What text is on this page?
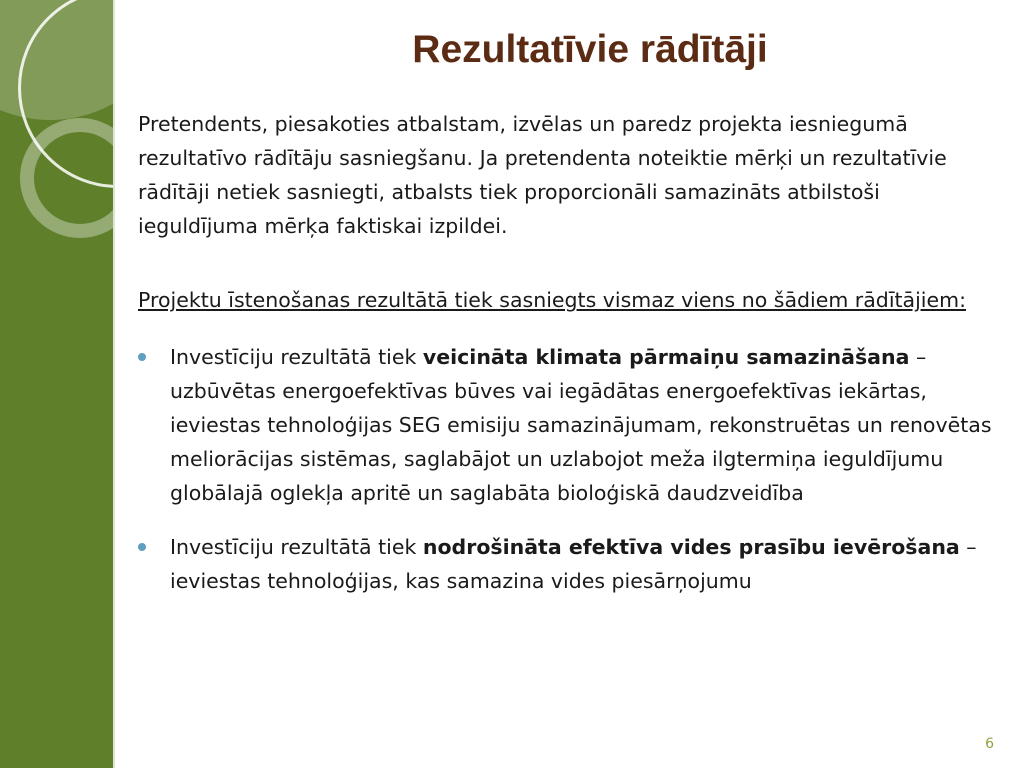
Rezultatīvie rādītāji

Pretendents, piesakoties atbalstam, izvēlas un paredz projekta iesniegumā rezultatīvo rādītāju sasniegšanu. Ja pretendenta noteiktie mērķi un rezultatīvie rādītāji netiek sasniegti, atbalsts tiek proporcionāli samazināts atbilstoši ieguldījuma mērķa faktiskai izpildei.

Projektu īstenošanas rezultātā tiek sasniegts vismaz viens no šādiem rādītājiem:

Investīciju rezultātā tiek veicināta klimata pārmaiņu samazināšana – uzbūvētas energoefektīvas būves vai iegādātas energoefektīvas iekārtas, ieviestas tehnoloģijas SEG emisiju samazinājumam, rekonstruētas un renovētas meliorācijas sistēmas, saglabājot un uzlabojot meža ilgtermiņa ieguldījumu globālajā oglekļa apritē un saglabāta bioloģiskā daudzveidība
Investīciju rezultātā tiek nodrošināta efektīva vides prasību ievērošana – ieviestas tehnoloģijas, kas samazina vides piesārņojumu
6
